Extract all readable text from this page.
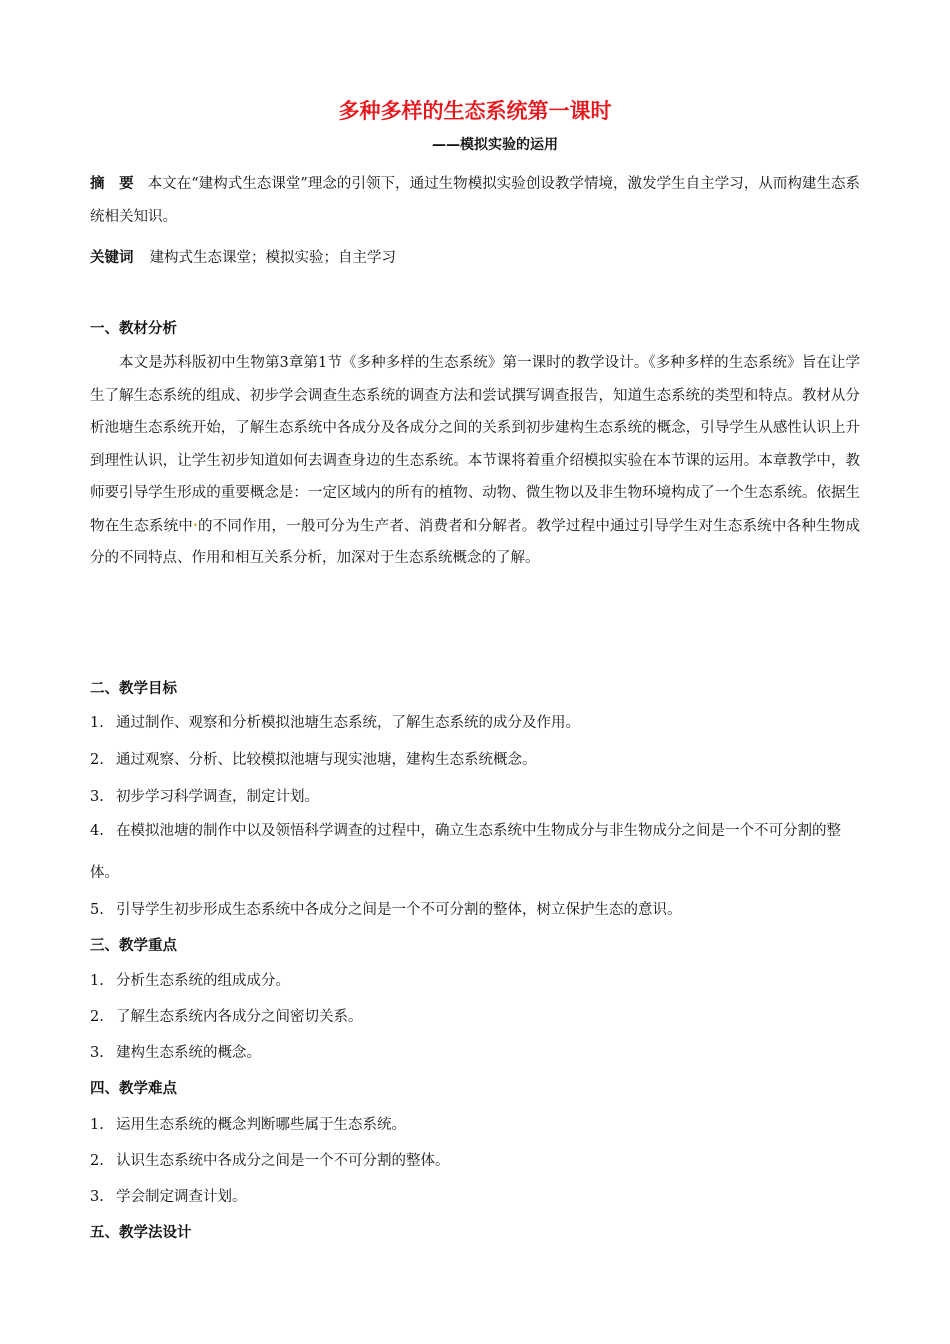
多种多样的生态系统第一课时
——模拟实验的运用
摘　要 本文在“建构式生态课堂”理念的引领下，通过生物模拟实验创设教学情境，激发学生自主学习，从而构建生态系统相关知识。
关键词 建构式生态课堂；模拟实验；自主学习
一、教材分析
本文是苏科版初中生物第3章第1节《多种多样的生态系统》第一课时的教学设计。《多种多样的生态系统》旨在让学生了解生态系统的组成、初步学会调查生态系统的调查方法和尝试撰写调查报告，知道生态系统的类型和特点。教材从分析池塘生态系统开始，了解生态系统中各成分及各成分之间的关系到初步建构生态系统的概念，引导学生从感性认识上升到理性认识，让学生初步知道如何去调查身边的生态系统。本节课将着重介绍模拟实验在本节课的运用。本章教学中，教师要引导学生形成的重要概念是：一定区域内的所有的植物、动物、微生物以及非生物环境构成了一个生态系统。依据生物在生态系统中•的不同作用，一般可分为生产者、消费者和分解者。教学过程中通过引导学生对生态系统中各种生物成分的不同特点、作用和相互关系分析，加深对于生态系统概念的了解。
二、教学目标
1. 通过制作、观察和分析模拟池塘生态系统，了解生态系统的成分及作用。
2. 通过观察、分析、比较模拟池塘与现实池塘，建构生态系统概念。
3. 初步学习科学调查，制定计划。
4. 在模拟池塘的制作中以及领悟科学调查的过程中，确立生态系统中生物成分与非生物成分之间是一个不可分割的整体。
5. 引导学生初步形成生态系统中各成分之间是一个不可分割的整体，树立保护生态的意识。
三、教学重点
1. 分析生态系统的组成成分。
2. 了解生态系统内各成分之间密切关系。
3. 建构生态系统的概念。
四、教学难点
1. 运用生态系统的概念判断哪些属于生态系统。
2. 认识生态系统中各成分之间是一个不可分割的整体。
3. 学会制定调查计划。
五、教学法设计
